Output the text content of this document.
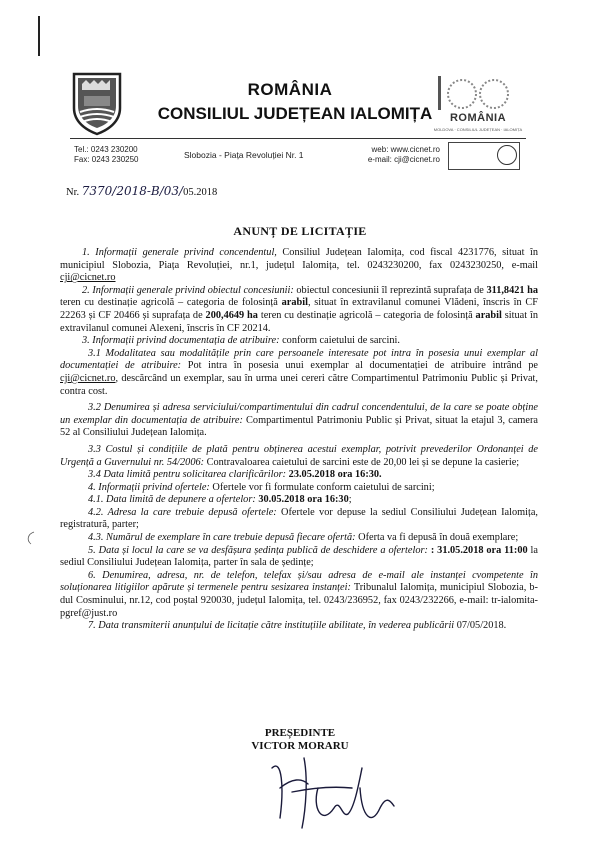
ROMÂNIA
CONSILIUL JUDEȚEAN IALOMIȚA	ROMÂNIA
MOLDOVA · CONSILIUL JUDEȚEAN · IALOMIȚA
Tel.: 0243 230200
Fax: 0243 230250	Slobozia - Piața Revoluției Nr. 1
web: www.cicnet.ro
e-mail: cji@cicnet.ro
Nr. 7370/2018-B/03/05.2018
ANUNȚ DE LICITAȚIE

1. Informații generale privind concendentul, Consiliul Județean Ialomița, cod fiscal 4231776, situat în municipiul Slobozia, Piața Revoluției, nr.1, județul Ialomița, tel. 0243230200, fax 0243230250, e-mail cji@cicnet.ro

2. Informații generale privind obiectul concesiunii: obiectul concesiunii îl reprezintă suprafața de 311,8421 ha teren cu destinație agricolă – categoria de folosință arabil, situat în extravilanul comunei Vlădeni, înscris în CF 22263 și CF 20466 și suprafața de 200,4649 ha teren cu destinație agricolă – categoria de folosință arabil situat în extravilanul comunei Alexeni, înscris în CF 20214.

3. Informații privind documentația de atribuire: conform caietului de sarcini.

3.1 Modalitatea sau modalitățile prin care persoanele interesate pot intra în posesia unui exemplar al documentației de atribuire: Pot intra în posesia unui exemplar al documentației de atribuire intrând pe cji@cicnet.ro, descărcând un exemplar, sau în urma unei cereri către Compartimentul Patrimoniu Public și Privat, contra cost.

3.2 Denumirea și adresa serviciului/compartimentului din cadrul concendentului, de la care se poate obține un exemplar din documentația de atribuire: Compartimentul Patrimoniu Public și Privat, situat la etajul 3, camera 52 al Consiliului Județean Ialomița.

3.3 Costul și condițiile de plată pentru obținerea acestui exemplar, potrivit prevederilor Ordonanței de Urgență a Guvernului nr. 54/2006: Contravaloarea caietului de sarcini este de 20,00 lei și se depune la casierie;

3.4 Data limită pentru solicitarea clarificărilor: 23.05.2018 ora 16:30.

4. Informații privind ofertele: Ofertele vor fi formulate conform caietului de sarcini;

4.1. Data limită de depunere a ofertelor: 30.05.2018 ora 16:30;

4.2. Adresa la care trebuie depusă ofertele: Ofertele vor depuse la sediul Consiliului Județean Ialomița, registratură, parter;

4.3. Numărul de exemplare în care trebuie depusă fiecare ofertă: Oferta va fi depusă în două exemplare;

5. Data și locul la care se va desfășura ședința publică de deschidere a ofertelor: : 31.05.2018 ora 11:00 la sediul Consiliului Județean Ialomița, parter în sala de ședințe;

6. Denumirea, adresa, nr. de telefon, telefax și/sau adresa de e-mail ale instanței cvompetente în soluționarea litigiilor apărute și termenele pentru sesizarea instanței: Tribunalul Ialomița, municipiul Slobozia, b-dul Cosminului, nr.12, cod poștal 920030, județul Ialomița, tel. 0243/236952, fax 0243/232266, e-mail: tr-ialomita-pgref@just.ro

7. Data transmiterii anunțului de licitație către instituțiile abilitate, în vederea publicării 07/05/2018.

PREȘEDINTE
VICTOR MORARU
